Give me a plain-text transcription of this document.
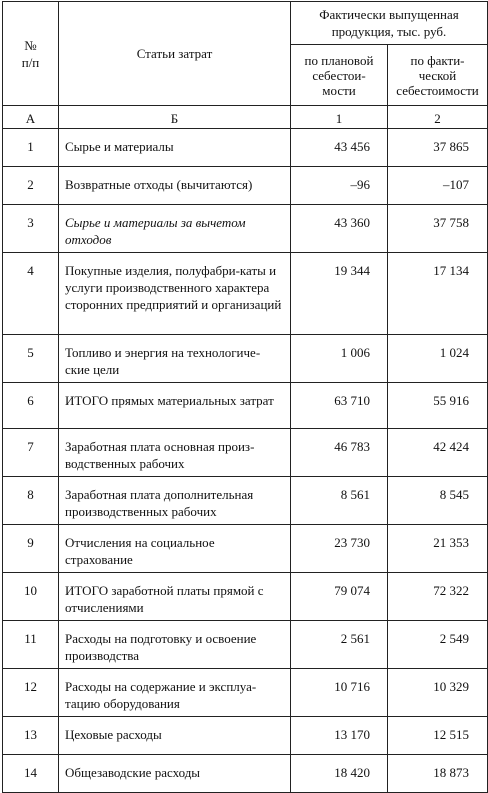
№
п/п	Статьи затрат	Фактически выпущенная продукция, тыс. руб.	
		по плановой себестои-мости	по факти-ческой себестоимости
А	Б	1	2
1	Сырье и материалы	43 456	37 865
2	Возвратные отходы (вычитаются)	–96	–107
3	Сырье и материалы за вычетом отходов	43 360	37 758
4	Покупные изделия, полуфабри-каты и услуги производственного характера сторонних предприятий и организаций	19 344	17 134
5	Топливо и энергия на технологиче-ские цели	1 006	1 024
6	ИТОГО прямых материальных затрат	63 710	55 916
7	Заработная плата основная произ-водственных рабочих	46 783	42 424
8	Заработная плата дополнительная производственных рабочих	8 561	8 545
9	Отчисления на социальное страхование	23 730	21 353
10	ИТОГО заработной платы прямой с отчислениями	79 074	72 322
11	Расходы на подготовку и освоение производства	2 561	2 549
12	Расходы на содержание и эксплуа-тацию оборудования	10 716	10 329
13	Цеховые расходы	13 170	12 515
14	Общезаводские расходы	18 420	18 873
